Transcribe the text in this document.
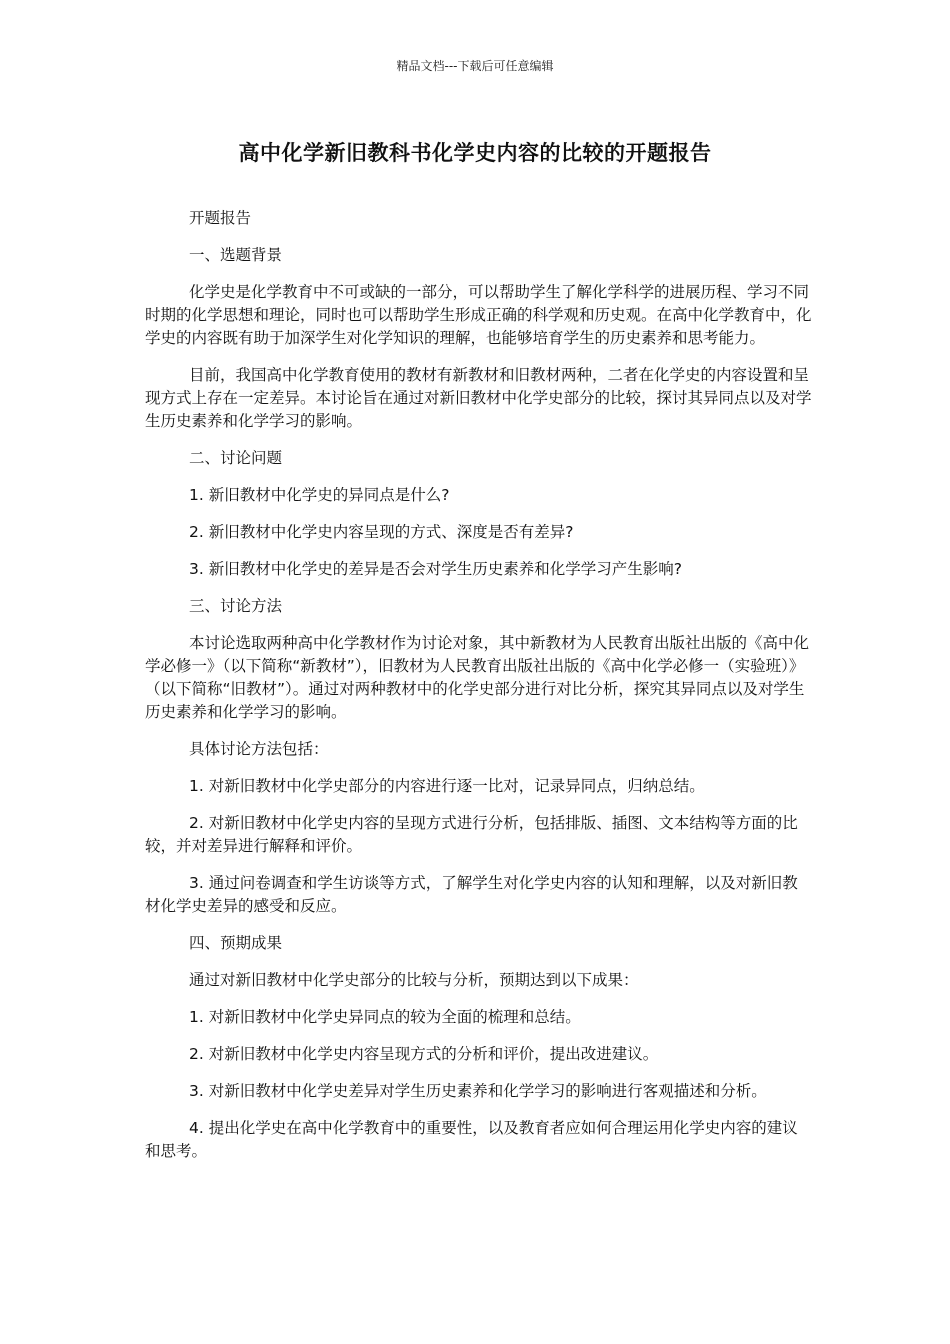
精品文档---下载后可任意编辑
高中化学新旧教科书化学史内容的比较的开题报告

开题报告

一、选题背景

化学史是化学教育中不可或缺的一部分，可以帮助学生了解化学科学的进展历程、学习不同时期的化学思想和理论，同时也可以帮助学生形成正确的科学观和历史观。在高中化学教育中，化学史的内容既有助于加深学生对化学知识的理解，也能够培育学生的历史素养和思考能力。

目前，我国高中化学教育使用的教材有新教材和旧教材两种，二者在化学史的内容设置和呈现方式上存在一定差异。本讨论旨在通过对新旧教材中化学史部分的比较，探讨其异同点以及对学生历史素养和化学学习的影响。

二、讨论问题

1. 新旧教材中化学史的异同点是什么?

2. 新旧教材中化学史内容呈现的方式、深度是否有差异?

3. 新旧教材中化学史的差异是否会对学生历史素养和化学学习产生影响?

三、讨论方法

本讨论选取两种高中化学教材作为讨论对象，其中新教材为人民教育出版社出版的《高中化学必修一》（以下简称“新教材”），旧教材为人民教育出版社出版的《高中化学必修一（实验班）》（以下简称“旧教材”）。通过对两种教材中的化学史部分进行对比分析，探究其异同点以及对学生历史素养和化学学习的影响。

具体讨论方法包括：

1. 对新旧教材中化学史部分的内容进行逐一比对，记录异同点，归纳总结。

2. 对新旧教材中化学史内容的呈现方式进行分析，包括排版、插图、文本结构等方面的比较，并对差异进行解释和评价。

3. 通过问卷调查和学生访谈等方式，了解学生对化学史内容的认知和理解，以及对新旧教材化学史差异的感受和反应。

四、预期成果

通过对新旧教材中化学史部分的比较与分析，预期达到以下成果：

1. 对新旧教材中化学史异同点的较为全面的梳理和总结。

2. 对新旧教材中化学史内容呈现方式的分析和评价，提出改进建议。

3. 对新旧教材中化学史差异对学生历史素养和化学学习的影响进行客观描述和分析。

4. 提出化学史在高中化学教育中的重要性，以及教育者应如何合理运用化学史内容的建议和思考。
